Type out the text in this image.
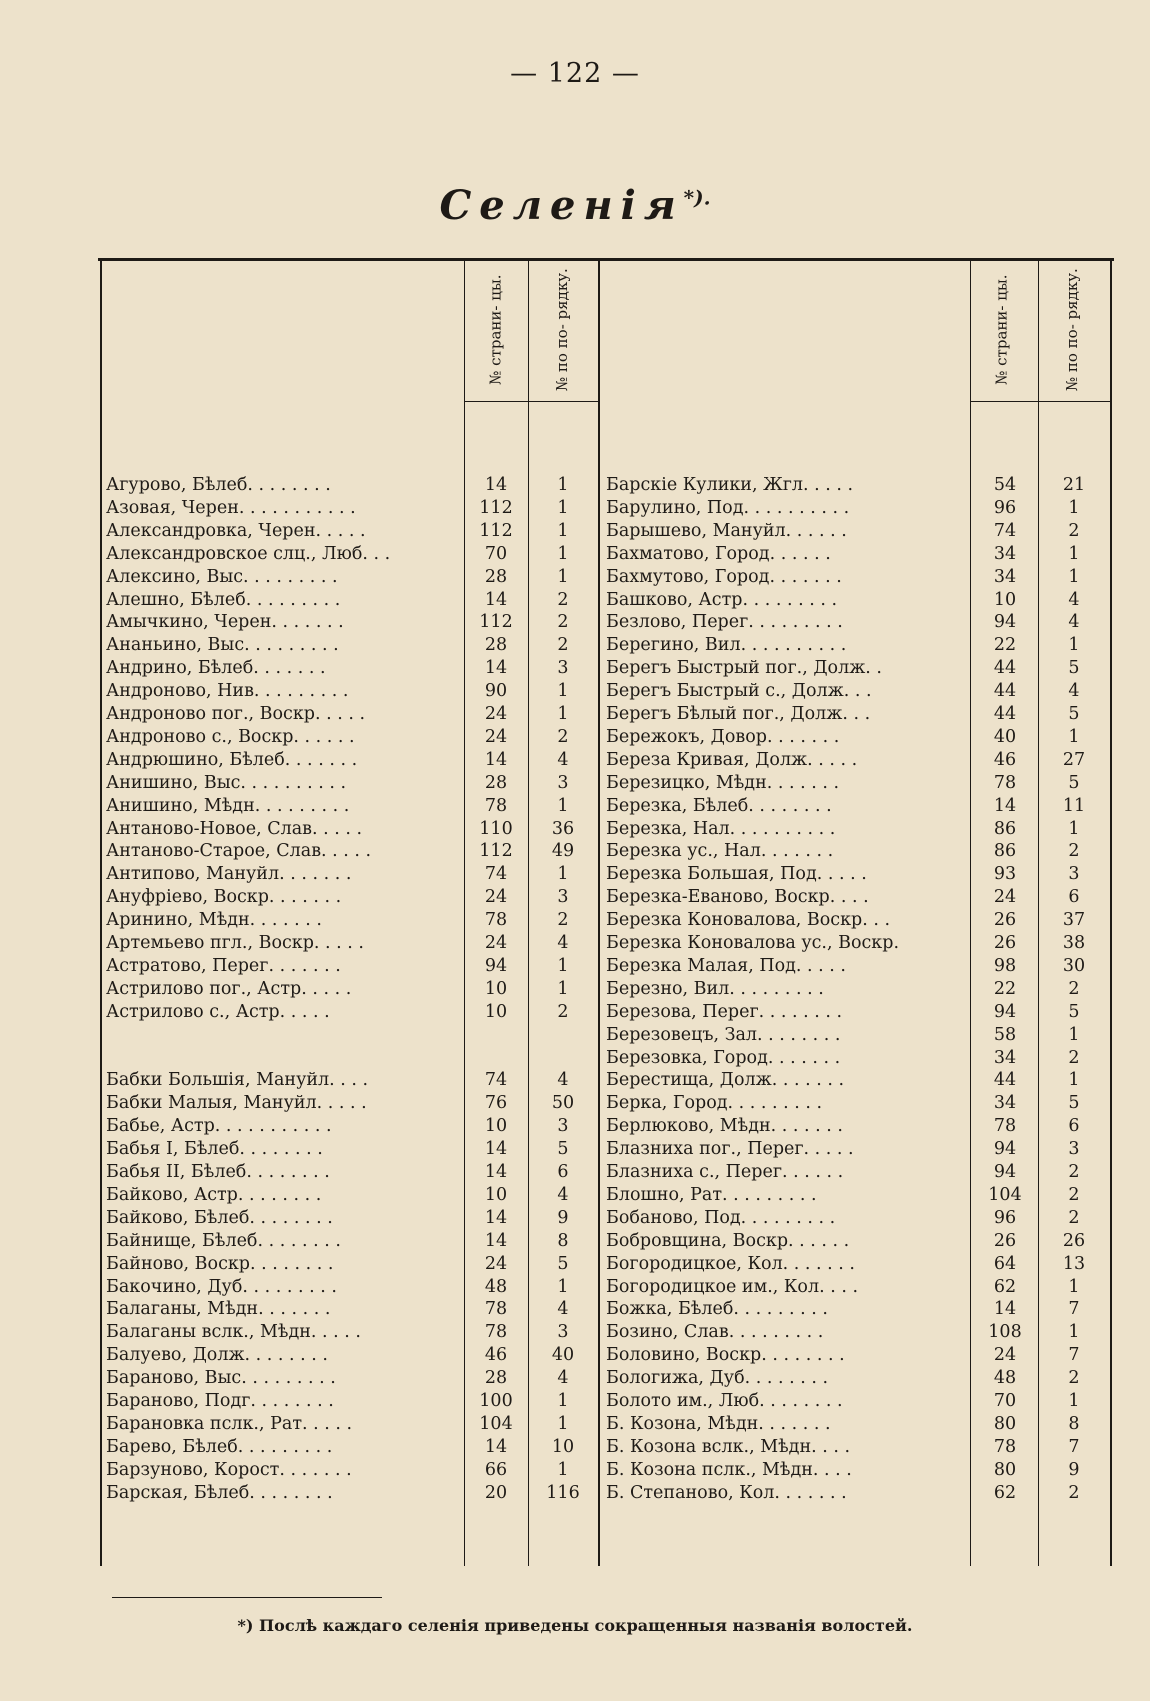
— 122 —
Селенія*).
№ страни- цы.	№ по по- рядку.	№ страни- цы.	№ по по- рядку.
Агурово, Бѣлеб. . . . . . . .	14	1
Азовая, Черен. . . . . . . . . . .	112	1
Александровка, Черен. . . . .	112	1
Александровское слц., Люб. . .	70	1
Алексино, Выс. . . . . . . . .	28	1
Алешно, Бѣлеб. . . . . . . . .	14	2
Амычкино, Черен. . . . . . .	112	2
Ананьино, Выс. . . . . . . . .	28	2
Андрино, Бѣлеб. . . . . . .	14	3
Андроново, Нив. . . . . . . . .	90	1
Андроново пог., Воскр. . . . .	24	1
Андроново с., Воскр. . . . . .	24	2
Андрюшино, Бѣлеб. . . . . . .	14	4
Анишино, Выс. . . . . . . . . .	28	3
Анишино, Мѣдн. . . . . . . . .	78	1
Антаново-Новое, Слав. . . . .	110	36
Антаново-Старое, Слав. . . . .	112	49
Антипово, Мануйл. . . . . . .	74	1
Ануфріево, Воскр. . . . . . .	24	3
Аринино, Мѣдн. . . . . . .	78	2
Артемьево пгл., Воскр. . . . .	24	4
Астратово, Перег. . . . . . .	94	1
Астрилово пог., Астр. . . . .	10	1
Астрилово с., Астр. . . . .	10	2
Бабки Большія, Мануйл. . . .	74	4
Бабки Малыя, Мануйл. . . . .	76	50
Бабье, Астр. . . . . . . . . . .	10	3
Бабья I, Бѣлеб. . . . . . . .	14	5
Бабья II, Бѣлеб. . . . . . . .	14	6
Байково, Астр. . . . . . . .	10	4
Байково, Бѣлеб. . . . . . . .	14	9
Байнище, Бѣлеб. . . . . . . .	14	8
Байново, Воскр. . . . . . . .	24	5
Бакочино, Дуб. . . . . . . . .	48	1
Балаганы, Мѣдн. . . . . . .	78	4
Балаганы вслк., Мѣдн. . . . .	78	3
Балуево, Долж. . . . . . . .	46	40
Бараново, Выс. . . . . . . . .	28	4
Бараново, Подг. . . . . . . .	100	1
Барановка пслк., Рат. . . . .	104	1
Барево, Бѣлеб. . . . . . . . .	14	10
Барзуново, Корост. . . . . . .	66	1
Барская, Бѣлеб. . . . . . . .	20	116
Барскіе Кулики, Жгл. . . . .	54	21
Барулино, Под. . . . . . . . . .	96	1
Барышево, Мануйл. . . . . .	74	2
Бахматово, Город. . . . . .	34	1
Бахмутово, Город. . . . . . .	34	1
Башково, Астр. . . . . . . . .	10	4
Безлово, Перег. . . . . . . . .	94	4
Берегино, Вил. . . . . . . . . .	22	1
Берегъ Быстрый пог., Долж. .	44	5
Берегъ Быстрый с., Долж. . .	44	4
Берегъ Бѣлый пог., Долж. . .	44	5
Бережокъ, Довор. . . . . . .	40	1
Береза Кривая, Долж. . . . .	46	27
Березицко, Мѣдн. . . . . . .	78	5
Березка, Бѣлеб. . . . . . . .	14	11
Березка, Нал. . . . . . . . . .	86	1
Березка ус., Нал. . . . . . .	86	2
Березка Большая, Под. . . . .	93	3
Березка-Еваново, Воскр. . . .	24	6
Березка Коновалова, Воскр. . .	26	37
Березка Коновалова ус., Воскр.	26	38
Березка Малая, Под. . . . .	98	30
Березно, Вил. . . . . . . . .	22	2
Березова, Перег. . . . . . . .	94	5
Березовецъ, Зал. . . . . . . .	58	1
Березовка, Город. . . . . . .	34	2
Берестища, Долж. . . . . . .	44	1
Берка, Город. . . . . . . . .	34	5
Берлюково, Мѣдн. . . . . . .	78	6
Блазниха пог., Перег. . . . .	94	3
Блазниха с., Перег. . . . . .	94	2
Блошно, Рат. . . . . . . . .	104	2
Бобаново, Под. . . . . . . . .	96	2
Бобровщина, Воскр. . . . . .	26	26
Богородицкое, Кол. . . . . . .	64	13
Богородицкое им., Кол. . . .	62	1
Божка, Бѣлеб. . . . . . . . .	14	7
Бозино, Слав. . . . . . . . .	108	1
Боловино, Воскр. . . . . . . .	24	7
Бологижа, Дуб. . . . . . . .	48	2
Болото им., Люб. . . . . . . .	70	1
Б. Козона, Мѣдн. . . . . . .	80	8
Б. Козона вслк., Мѣдн. . . .	78	7
Б. Козона пслк., Мѣдн. . . .	80	9
Б. Степаново, Кол. . . . . . .	62	2
*) Послѣ каждаго селенія приведены сокращенныя названія волостей.
